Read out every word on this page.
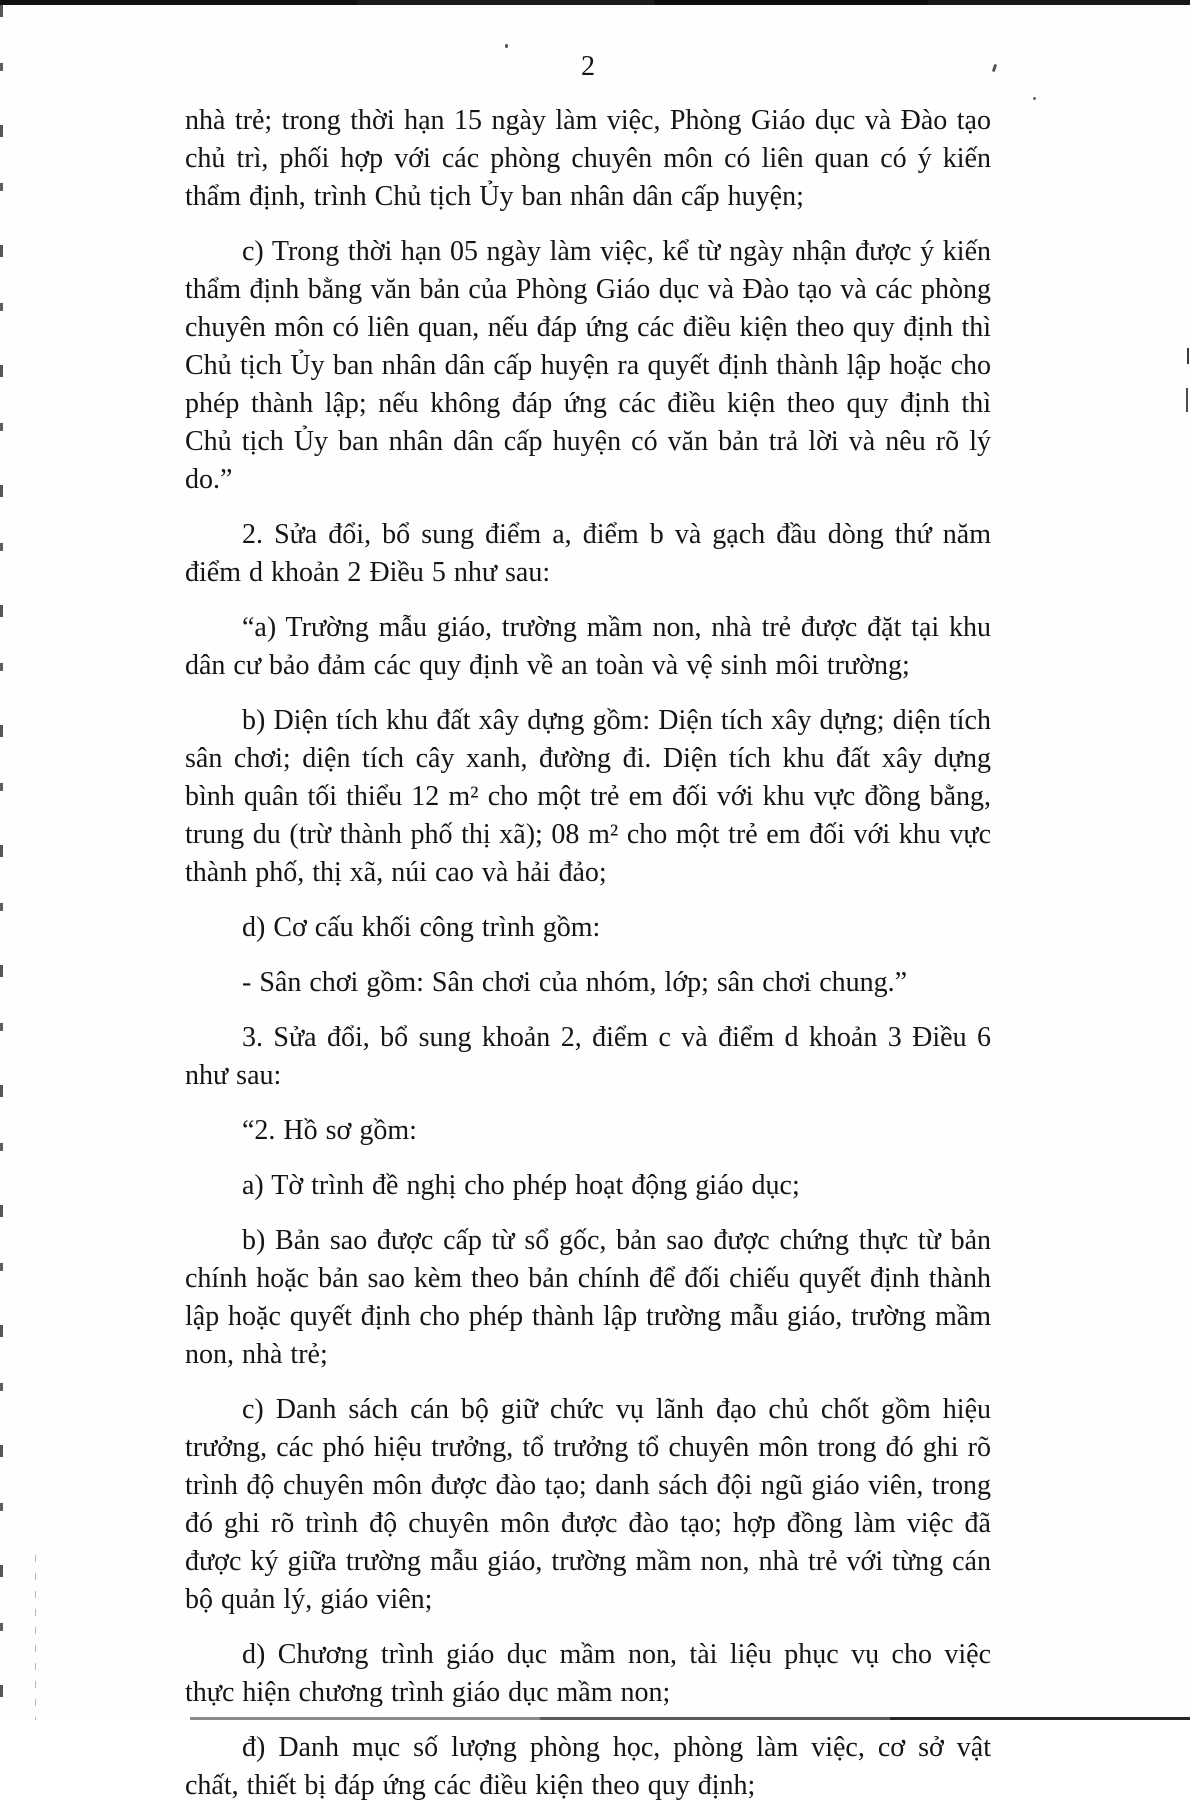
2

nhà trẻ; trong thời hạn 15 ngày làm việc, Phòng Giáo dục và Đào tạo chủ trì, phối hợp với các phòng chuyên môn có liên quan có ý kiến thẩm định, trình Chủ tịch Ủy ban nhân dân cấp huyện;

c) Trong thời hạn 05 ngày làm việc, kể từ ngày nhận được ý kiến thẩm định bằng văn bản của Phòng Giáo dục và Đào tạo và các phòng chuyên môn có liên quan, nếu đáp ứng các điều kiện theo quy định thì Chủ tịch Ủy ban nhân dân cấp huyện ra quyết định thành lập hoặc cho phép thành lập; nếu không đáp ứng các điều kiện theo quy định thì Chủ tịch Ủy ban nhân dân cấp huyện có văn bản trả lời và nêu rõ lý do.”

2. Sửa đổi, bổ sung điểm a, điểm b và gạch đầu dòng thứ năm điểm d khoản 2 Điều 5 như sau:

“a) Trường mẫu giáo, trường mầm non, nhà trẻ được đặt tại khu dân cư bảo đảm các quy định về an toàn và vệ sinh môi trường;

b) Diện tích khu đất xây dựng gồm: Diện tích xây dựng; diện tích sân chơi; diện tích cây xanh, đường đi. Diện tích khu đất xây dựng bình quân tối thiểu 12 m² cho một trẻ em đối với khu vực đồng bằng, trung du (trừ thành phố thị xã); 08 m² cho một trẻ em đối với khu vực thành phố, thị xã, núi cao và hải đảo;

d) Cơ cấu khối công trình gồm:

- Sân chơi gồm: Sân chơi của nhóm, lớp; sân chơi chung.”

3. Sửa đổi, bổ sung khoản 2, điểm c và điểm d khoản 3 Điều 6 như sau:

“2. Hồ sơ gồm:

a) Tờ trình đề nghị cho phép hoạt động giáo dục;

b) Bản sao được cấp từ sổ gốc, bản sao được chứng thực từ bản chính hoặc bản sao kèm theo bản chính để đối chiếu quyết định thành lập hoặc quyết định cho phép thành lập trường mẫu giáo, trường mầm non, nhà trẻ;

c) Danh sách cán bộ giữ chức vụ lãnh đạo chủ chốt gồm hiệu trưởng, các phó hiệu trưởng, tổ trưởng tổ chuyên môn trong đó ghi rõ trình độ chuyên môn được đào tạo; danh sách đội ngũ giáo viên, trong đó ghi rõ trình độ chuyên môn được đào tạo; hợp đồng làm việc đã được ký giữa trường mẫu giáo, trường mầm non, nhà trẻ với từng cán bộ quản lý, giáo viên;

d) Chương trình giáo dục mầm non, tài liệu phục vụ cho việc thực hiện chương trình giáo dục mầm non;

đ) Danh mục số lượng phòng học, phòng làm việc, cơ sở vật chất, thiết bị đáp ứng các điều kiện theo quy định;
